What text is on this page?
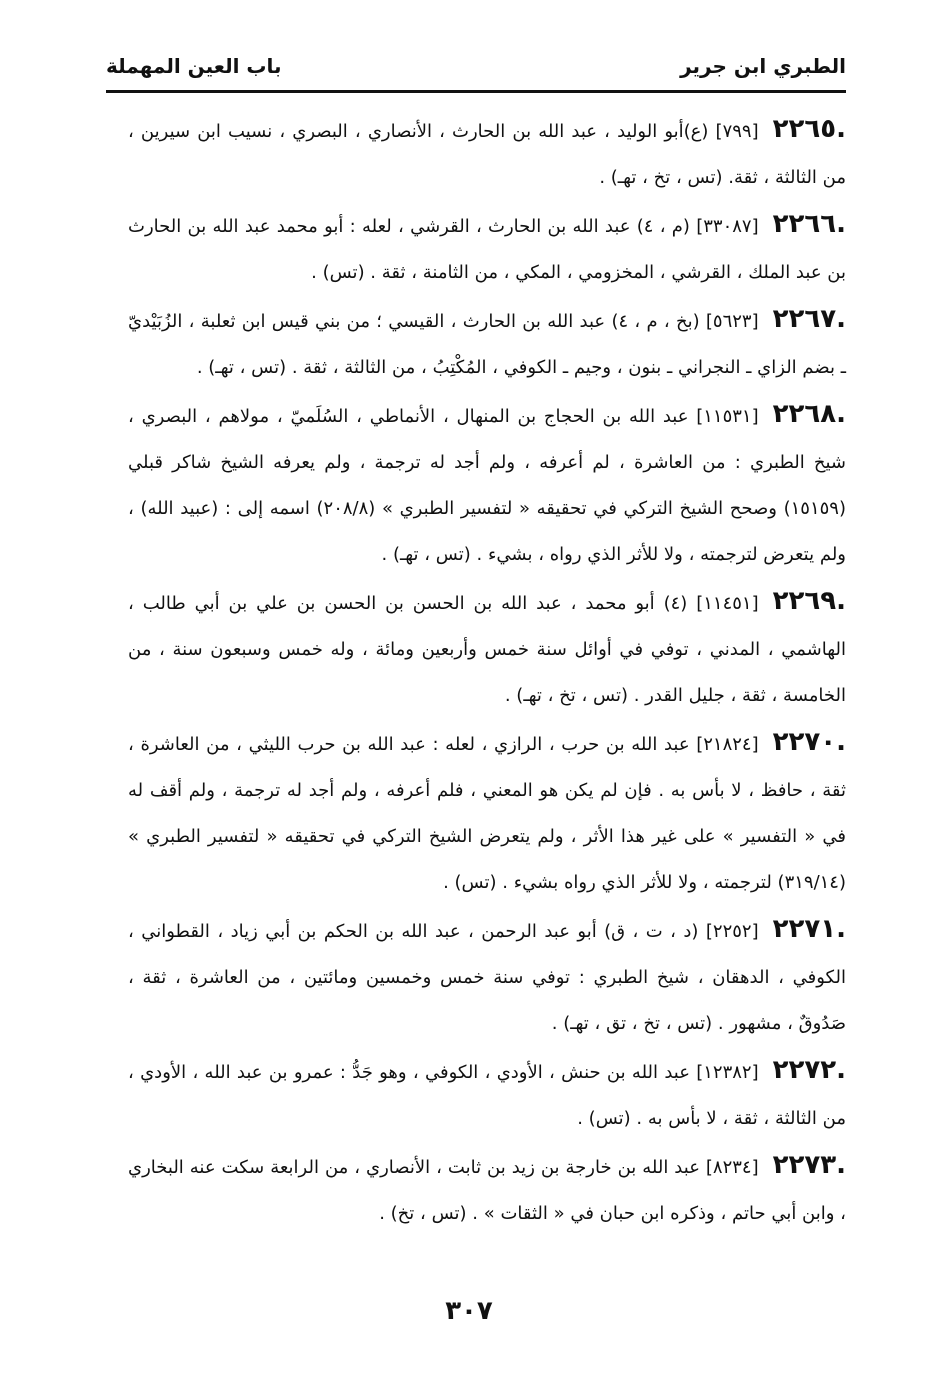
الطبري ابن جرير
باب العين المهملة

٢٢٦٥.[٧٩٩] (ع)أبو الوليد ، عبد الله بن الحارث ، الأنصاري ، البصري ، نسيب ابن سيرين ، من الثالثة ، ثقة. (تس ، تخ ، تهـ) .

٢٢٦٦.[٣٣٠٨٧] (م ، ٤) عبد الله بن الحارث ، القرشي ، لعله : أبو محمد عبد الله بن الحارث بن عبد الملك ، القرشي ، المخزومي ، المكي ، من الثامنة ، ثقة . (تس) .

٢٢٦٧.[٥٦٢٣] (بخ ، م ، ٤) عبد الله بن الحارث ، القيسي ؛ من بني قيس ابن ثعلبة ، الزُبَيْديّ ـ بضم الزاي ـ النجراني ـ بنون ، وجيم ـ الكوفي ، المُكْتِبُ ، من الثالثة ، ثقة . (تس ، تهـ) .

٢٢٦٨.[١١٥٣١] عبد الله بن الحجاج بن المنهال ، الأنماطي ، السُلَميّ ، مولاهم ، البصري ، شيخ الطبري : من العاشرة ، لم أعرفه ، ولم أجد له ترجمة ، ولم يعرفه الشيخ شاكر قبلي (١٥١٥٩) وصحح الشيخ التركي في تحقيقه « لتفسير الطبري » (٢٠٨/٨) اسمه إلى : (عبيد الله) ، ولم يتعرض لترجمته ، ولا للأثر الذي رواه ، بشيء . (تس ، تهـ) .

٢٢٦٩.[١١٤٥١] (٤) أبو محمد ، عبد الله بن الحسن بن الحسن بن علي بن أبي طالب ، الهاشمي ، المدني ، توفي في أوائل سنة خمس وأربعين ومائة ، وله خمس وسبعون سنة ، من الخامسة ، ثقة ، جليل القدر . (تس ، تخ ، تهـ) .

٢٢٧٠.[٢١٨٢٤] عبد الله بن حرب ، الرازي ، لعله : عبد الله بن حرب الليثي ، من العاشرة ، ثقة ، حافظ ، لا بأس به . فإن لم يكن هو المعني ، فلم أعرفه ، ولم أجد له ترجمة ، ولم أقف له في « التفسير » على غير هذا الأثر ، ولم يتعرض الشيخ التركي في تحقيقه « لتفسير الطبري » (٣١٩/١٤) لترجمته ، ولا للأثر الذي رواه بشيء . (تس) .

٢٢٧١.[٢٢٥٢] (د ، ت ، ق) أبو عبد الرحمن ، عبد الله بن الحكم بن أبي زياد ، القطواني ، الكوفي ، الدهقان ، شيخ الطبري : توفي سنة خمس وخمسين ومائتين ، من العاشرة ، ثقة ، صَدُوقٌ ، مشهور . (تس ، تخ ، تق ، تهـ) .

٢٢٧٢.[١٢٣٨٢] عبد الله بن حنش ، الأودي ، الكوفي ، وهو جَدُّ : عمرو بن عبد الله ، الأودي ، من الثالثة ، ثقة ، لا بأس به . (تس) .

٢٢٧٣.[٨٢٣٤] عبد الله بن خارجة بن زيد بن ثابت ، الأنصاري ، من الرابعة سكت عنه البخاري ، وابن أبي حاتم ، وذكره ابن حبان في « الثقات » . (تس ، تخ) .

٣٠٧
